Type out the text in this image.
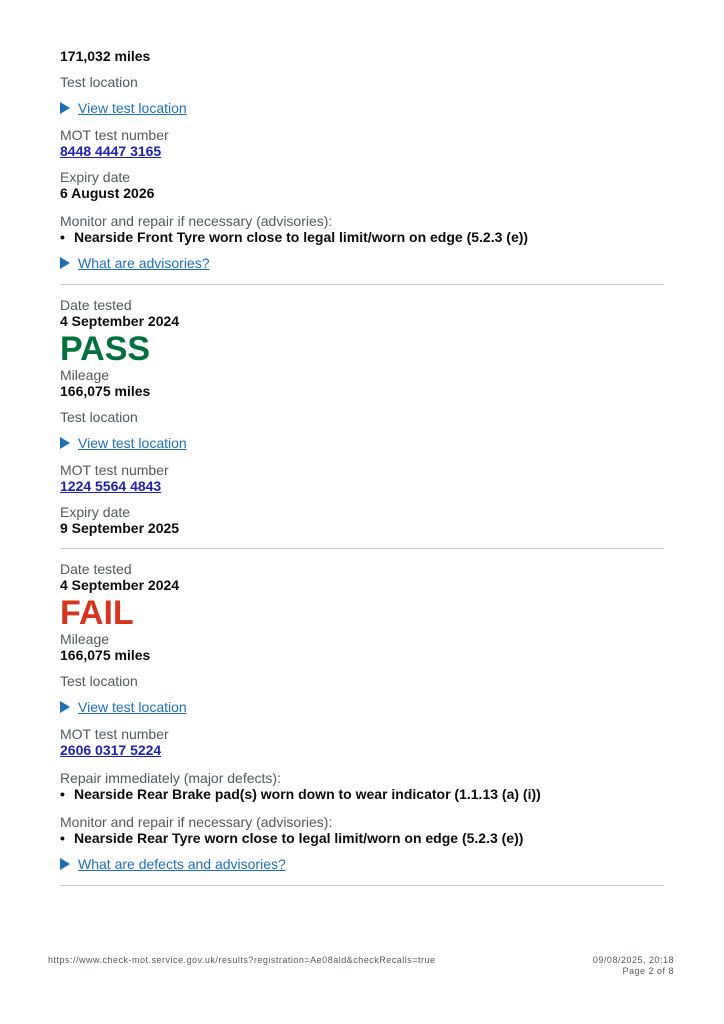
171,032 miles
Test location
View test location
MOT test number
8448 4447 3165
Expiry date
6 August 2026
Monitor and repair if necessary (advisories):
• Nearside Front Tyre worn close to legal limit/worn on edge (5.2.3 (e))
What are advisories?
Date tested
4 September 2024
PASS
Mileage
166,075 miles
Test location
View test location
MOT test number
1224 5564 4843
Expiry date
9 September 2025
Date tested
4 September 2024
FAIL
Mileage
166,075 miles
Test location
View test location
MOT test number
2606 0317 5224
Repair immediately (major defects):
• Nearside Rear Brake pad(s) worn down to wear indicator (1.1.13 (a) (i))
Monitor and repair if necessary (advisories):
• Nearside Rear Tyre worn close to legal limit/worn on edge (5.2.3 (e))
What are defects and advisories?
https://www.check-mot.service.gov.uk/results?registration=Ae08ald&checkRecalls=true	09/08/2025, 20:18
Page 2 of 8
